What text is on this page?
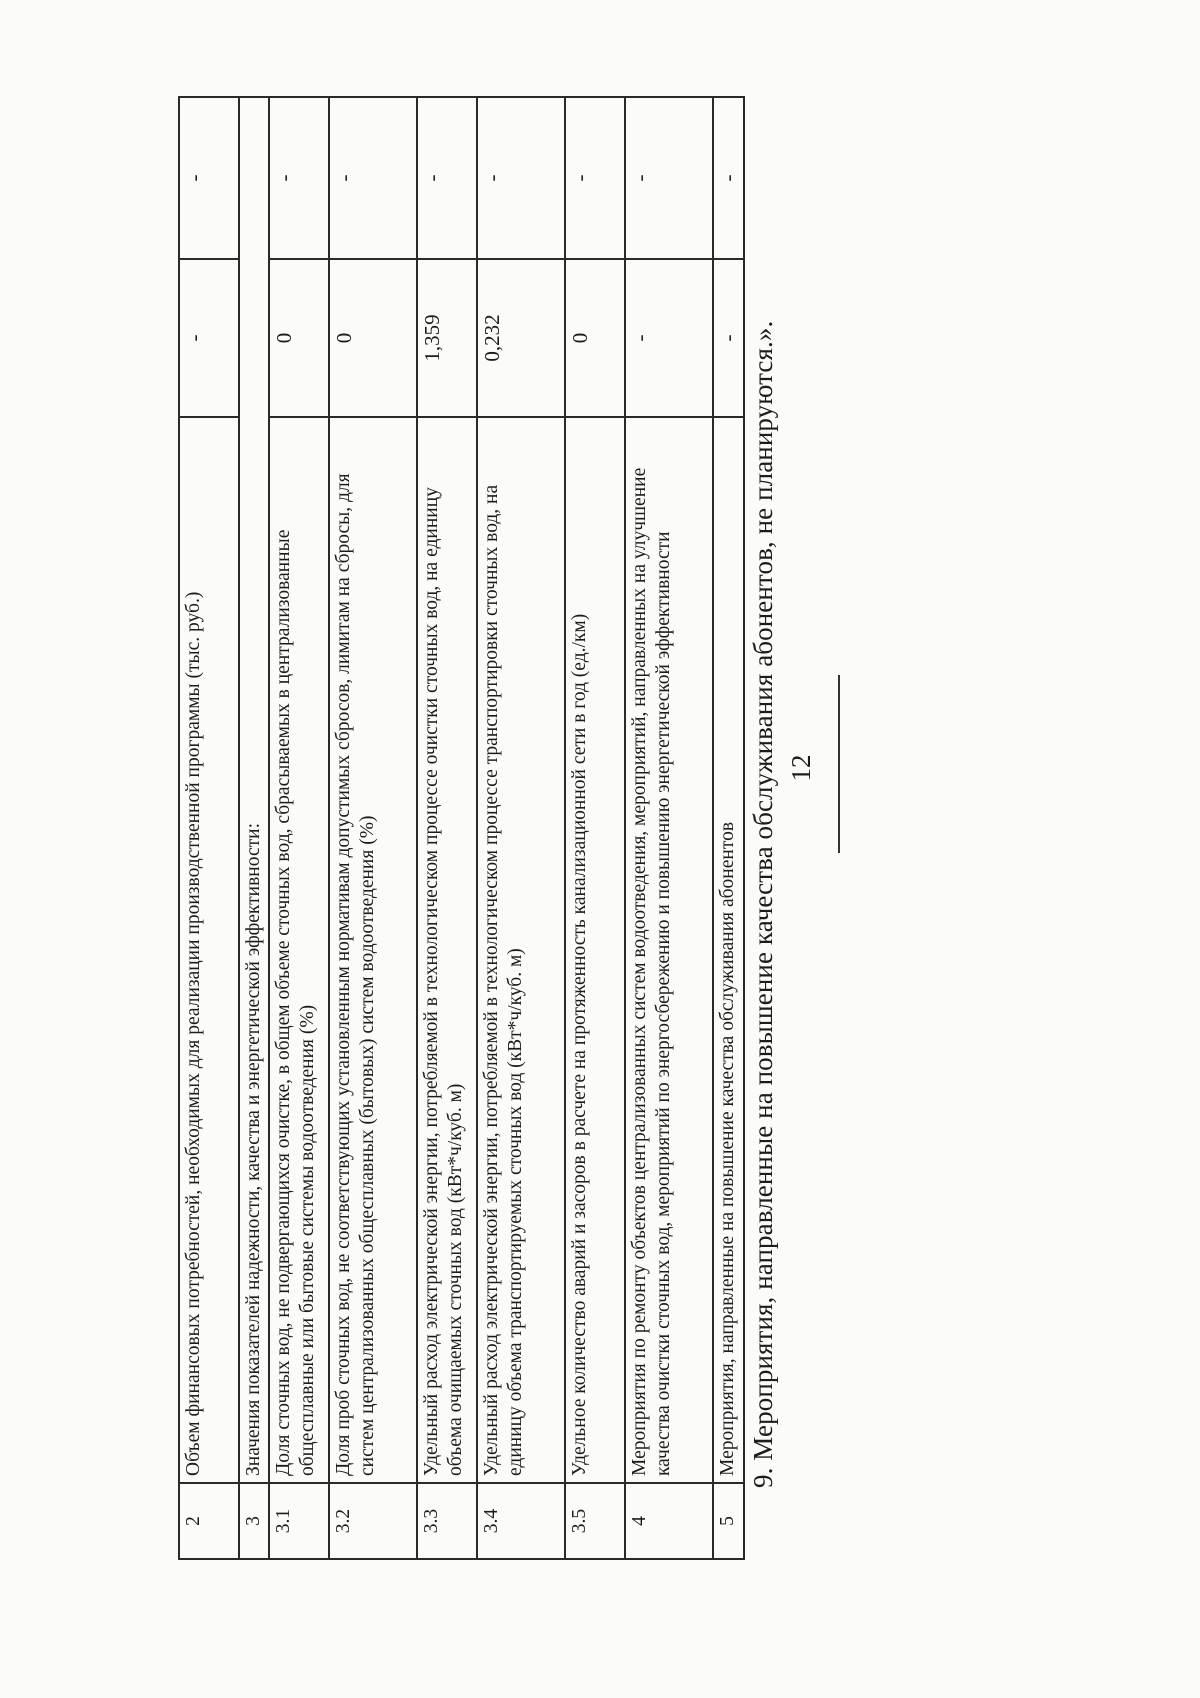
12
2	Объем финансовых потребностей, необходимых для реализации производственной программы (тыс. руб.)	-	-
3	Значения показателей надежности, качества и энергетической эффективности:		
3.1	Доля сточных вод, не подвергающихся очистке, в общем объеме сточных вод, сбрасываемых в централизованные общесплавные или бытовые системы водоотведения (%)	0	-
3.2	Доля проб сточных вод, не соответствующих установленным нормативам допустимых сбросов, лимитам на сбросы, для систем централизованных общесплавных (бытовых) систем водоотведения (%)	0	-
3.3	Удельный расход электрической энергии, потребляемой в технологическом процессе очистки сточных вод, на единицу объема очищаемых сточных вод (кВт*ч/куб. м)	1,359	-
3.4	Удельный расход электрической энергии, потребляемой в технологическом процессе транспортировки сточных вод, на единицу объема транспортируемых сточных вод (кВт*ч/куб. м)	0,232	-
3.5	Удельное количество аварий и засоров в расчете на протяженность канализационной сети в год (ед./км)	0	-
4	Мероприятия по ремонту объектов централизованных систем водоотведения, мероприятий, направленных на улучшение качества очистки сточных вод, мероприятий по энергосбережению и повышению энергетической эффективности	-	-
5	Мероприятия, направленные на повышение качества обслуживания абонентов	-	-
9. Мероприятия, направленные на повышение качества обслуживания абонентов, не планируются.».
